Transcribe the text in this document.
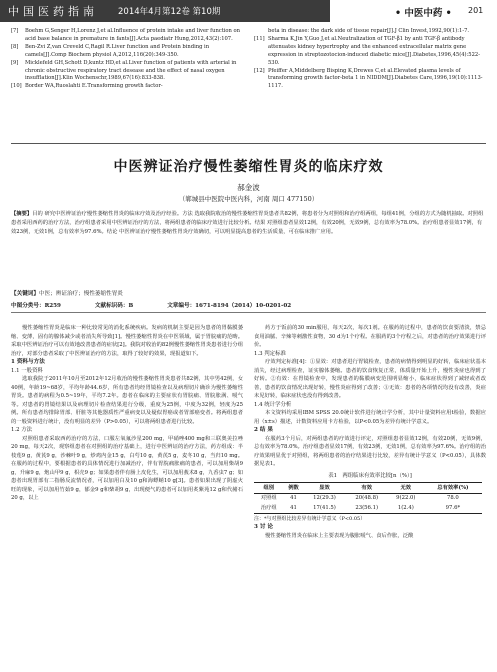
中国医药指南 2014年4月第12卷 第10期	• 中医中药 • 201
[7]	Boehm G,Senger H,Lorenz J,et al.Influence of protein intake and liver function on acid base balance in premature in fants[J].Acta paediatr Hung,2012,43(2):107.
[8]	Ben-Zvi Z,van Creveld C,Ragil R.Liver function and Protein binding in camels[J].Comp Biochem physiol A,2012,116(20):349-350.
[9]	Micklefeld GH,Schott D,kuntz HD,et al.Liver function of patients with arterial in chronic obstructive respiratory tract desease and the effect of nasal oxygen insufflation[J].Klin Wochenschr,1989,67(16):833-838.
[10] Border WA,Ruoslahti E.Transforming growth factor-
beta in disease: the dark side of tissue repair[J].J Clin Invest,1992,90(1):1-7.
[11] Sharma K,Jin Y,Guo J,et al.Neutralization of TGF-β1 by anti TGF-β antibody attenuates kidney hypertrophy and the enhanced extracellular matrix gene expression in streptozotocion-induced diabetic mice[J].Diabetes,1996,45(4):522-530.
[12] Pfeiffer A,Middelberg Bisping K,Drewes C,et al.Elevated plasma levels of transforming growth factor-beta 1 in NIDDM[J].Diabetes Care,1996,19(10):1113-1117.
中医辨证治疗慢性萎缩性胃炎的临床疗效
郝金波
（郸城县中医院中医内科，河南 周口 477150）
【摘要】目的 研究中医辨证治疗慢性萎缩性胃炎的临床疗效及治疗经验。方法 选取我院收治的慢性萎缩性胃炎患者共82例，将患者分为对照组和治疗组两组，每组41例，分组的方式为随机抽取。对照组患者采用西药的治疗方法，治疗组患者采用中医辨证治疗的方法，将两组患者的临床疗效进行比较分析。结果 对照组患者显效12例，有效20例，无效9例，总有效率为78.0%。治疗组患者显效17例，有效23例，无效1例，总有效率为97.6%。结论 中医辨证治疗慢性萎缩性胃炎疗效确切，可以明显提高患者的生活质量，可在临床推广应用。
【关键词】中医；辨证治疗；慢性萎缩性胃炎
中图分类号：R259	文献标识码：B	文章编号：1671-8194（2014）10-0201-02

慢性萎缩性胃炎是临床一种比较常见的消化系统疾病。发病的机制主要是因为患者的胃黏膜萎缩、变薄，固有的腺体减少或者消失所导致[1]。慢性萎缩性胃炎在中医领域，属于胃脘痛的范畴。采取中医辨证治疗可以有效地改善患者的症状[2]。我院对收治的82例慢性萎缩性胃炎患者进行分组治疗，对部分患者采取了中医辨证治疗的方法，取得了较好的效果，现报道如下。

1 资料与方法
1.1 一般资料

选取我院于2011年10月至2012年12月收治的慢性萎缩性胃炎患者共82例，其中男42例，女40例，年龄19~68岁，平均年龄44.6岁，所有患者均经胃镜检查以及病理切片确诊为慢性萎缩性胃炎。患者的病程为0.5~19年，平均7.2年。患者在临床的主要症状有胃脘痛、胃脘胀满、嗳气等。对患者的胃镜结果以及病理切片检查结果进行分级，重度为25例，中度为32例，轻度为25例。所有患者均排除胃部、肝脏等其他器质性严重病变以及疑似胃癌或者胃部癌变者。将两组患者的一般资料进行统计，没有明显的差异（P>0.05），可以将两组患者进行比较。

1.2 方法

对照组患者采取西药治疗的方法，口服左氧氟沙星200 mg，甲硝唑400 mg和三联奥美拉唑20 mg，每天2次，观察组患者在对照组的治疗基础上，进行中医辨证的治疗方法，药方组成：半枝莲9 g，黄芪9 g，沙棘叶9 g，炒鸡内金15 g，白芍10 g，黄芪5 g，麦冬10 g，当归10 mg。在服药的过程中，要根据患者的具体情况进行加减治疗，伴有胃脘痛胀痛的患者，可以加用柴胡9 g，升麻9 g，炮山甲9 g，枳壳9 g；如果患者伴有肠上皮化生，可以加用莪术8 g，九香虫7 g；如患者出现胃部有二指肠反流情况者，可以加用白及10 g和海螵蛸10 g[3]。患者如果出现了阴虚火旺的现象，可以加用竹茹9 g，郁金9 g和柴胡9 g，出现便气的患者可以加用炙紫苑12 g和代赭石20 g，以上

药方于饭前的30 min服用，每天2次，每次1剂。在服药的过程中，患者的饮食要清淡，禁忌食用油腻、辛辣等刺激性食物，30 d为1个疗程。在服药的3个疗程之后，对患者的治疗效果进行评价。

1.3 判定标准

疗效判定标准[4]：①显效：对患者进行胃镜检查，患者的病情得到明显的好转，临床症状基本消失，经过病理检查，证实腺体萎缩。患者的饮食恢复正常，体质量开始上升，慢性炎症也得到了好转。②有效：在胃镜检查中，发现患者的黏膜病变范围明显缩小，临床症状得到了减轻或者改善，患者的饮食情况出现好转，慢性炎症得到了改善；③无效：患者的各项情况均没有改善，炎症未见好转，临床症状也没有得到改善。

1.4 统计学分析

本文资料均采用IBM SPSS 20.0统计软件进行统计学分析，其中计量资料应用t检验，数据应用（x±s）描述，计数资料应用卡方检验，以P<0.05为差异有统计学意义。

2 结 果

在服药3个月后，对两组患者的疗效进行评定，对照组患者显效12例，有效20例，无效9例，总有效率为78.0%。治疗组患者显效17例，有效23例，无效1例，总有效率为97.6%。治疗组的治疗效果明显优于对照组，将两组患者的治疗结果进行比较，差异有统计学意义（P<0.05），具体数据见表1。

表1　两组临床有效率比较[n（%）]
组别	例数	显效	有效	无效	总有效率(%)
对照组	41	12(29.3)	20(48.8)	9(22.0)	78.0
治疗组	41	17(41.5)	23(56.1)	1(2.4)	97.6*
注：*与对照组比较差异有统计学意义（P<0.05）
3 讨 论

慢性萎缩性胃炎在临床上主要表现为腹胀嗳气、食后作胀，泛酸
